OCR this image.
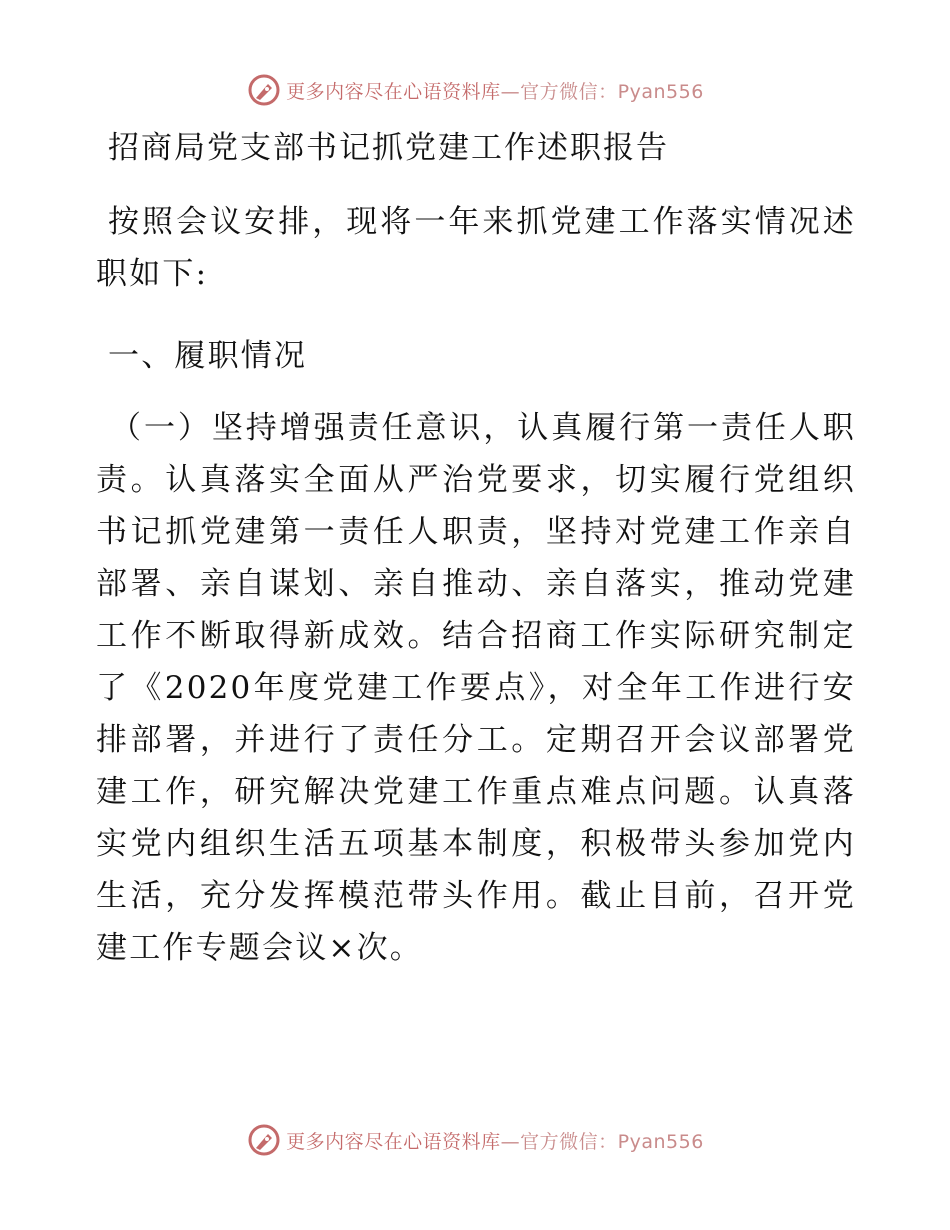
更多内容尽在心语资料库—官方微信：Pyan556
招商局党支部书记抓党建工作述职报告
按照会议安排，现将一年来抓党建工作落实情况述职如下:
一、履职情况
（一）坚持增强责任意识，认真履行第一责任人职责。认真落实全面从严治党要求，切实履行党组织书记抓党建第一责任人职责，坚持对党建工作亲自部署、亲自谋划、亲自推动、亲自落实，推动党建工作不断取得新成效。结合招商工作实际研究制定了《2020年度党建工作要点》，对全年工作进行安排部署，并进行了责任分工。定期召开会议部署党建工作，研究解决党建工作重点难点问题。认真落实党内组织生活五项基本制度，积极带头参加党内生活，充分发挥模范带头作用。截止目前，召开党建工作专题会议×次。
更多内容尽在心语资料库—官方微信：Pyan556
